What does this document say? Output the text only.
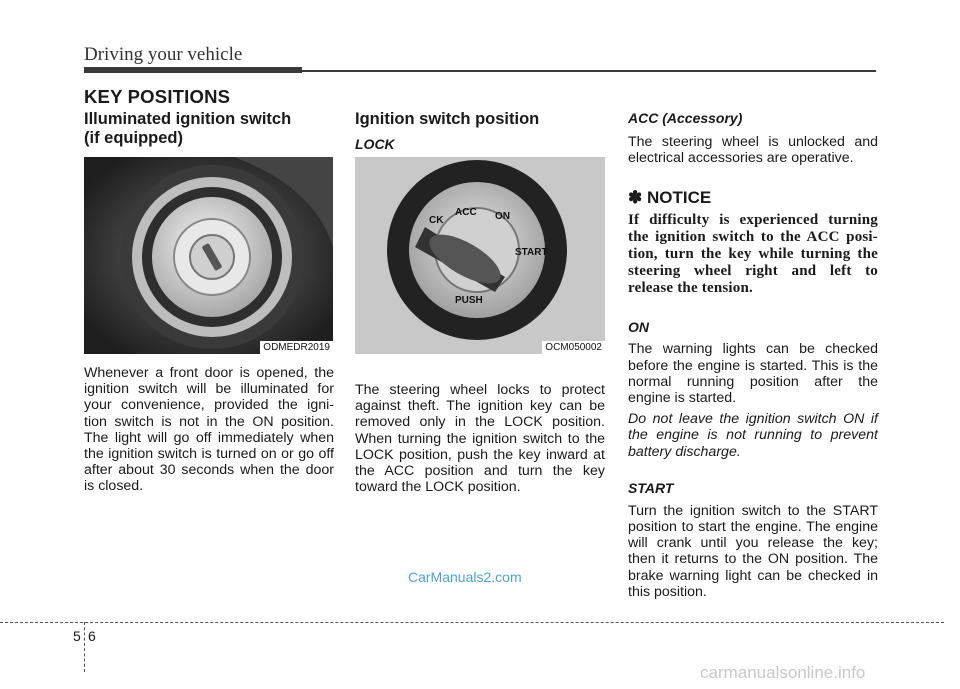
Driving your vehicle
KEY POSITIONS

Illuminated ignition switch

(if equipped)

ODMEDR2019

Whenever a front door is opened, the ignition switch will be illuminated for your convenience, provided the igni-tion switch is not in the ON position. The light will go off immediately when the ignition switch is turned on or go off after about 30 seconds when the door is closed.

Ignition switch position

LOCK

ACC ON
CK
START
PUSH
OCM050002

The steering wheel locks to protect against theft. The ignition key can be removed only in the LOCK position. When turning the ignition switch to the LOCK position, push the key inward at the ACC position and turn the key toward the LOCK position.

ACC (Accessory)

The steering wheel is unlocked and electrical accessories are operative.

✽ NOTICE

If difficulty is experienced turning the ignition switch to the ACC posi-tion, turn the key while turning the steering wheel right and left to release the tension.

ON

The warning lights can be checked before the engine is started. This is the normal running position after the engine is started.

Do not leave the ignition switch ON if the engine is not running to prevent battery discharge.

START

Turn the ignition switch to the START position to start the engine. The engine will crank until you release the key; then it returns to the ON position. The brake warning light can be checked in this position.

CarManuals2.com
5 6
carmanualsonline.info
